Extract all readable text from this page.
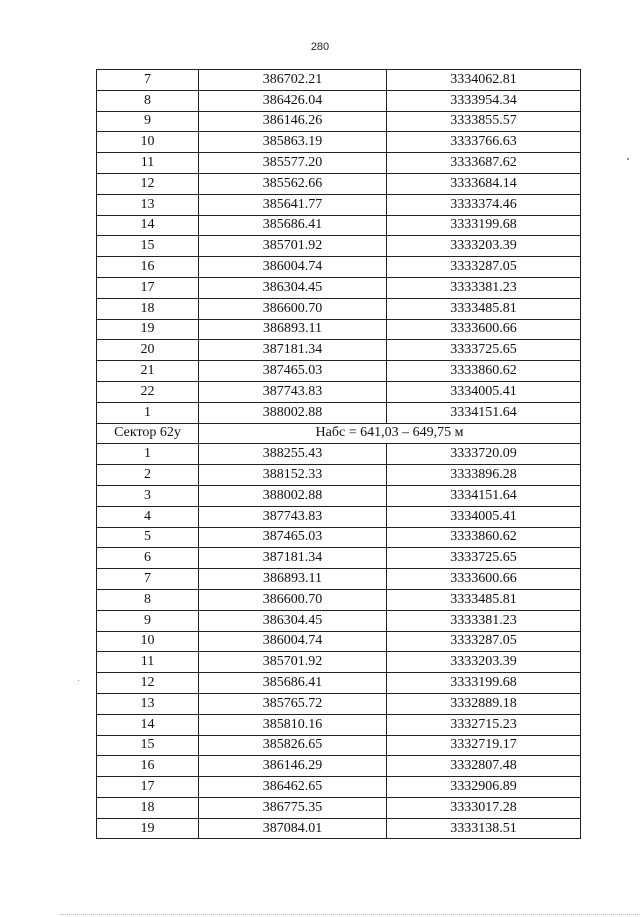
280
7	386702.21	3334062.81
8	386426.04	3333954.34
9	386146.26	3333855.57
10	385863.19	3333766.63
11	385577.20	3333687.62
12	385562.66	3333684.14
13	385641.77	3333374.46
14	385686.41	3333199.68
15	385701.92	3333203.39
16	386004.74	3333287.05
17	386304.45	3333381.23
18	386600.70	3333485.81
19	386893.11	3333600.66
20	387181.34	3333725.65
21	387465.03	3333860.62
22	387743.83	3334005.41
1	388002.88	3334151.64
Сектор 62у	Набс = 641,03 – 649,75 м	
1	388255.43	3333720.09
2	388152.33	3333896.28
3	388002.88	3334151.64
4	387743.83	3334005.41
5	387465.03	3333860.62
6	387181.34	3333725.65
7	386893.11	3333600.66
8	386600.70	3333485.81
9	386304.45	3333381.23
10	386004.74	3333287.05
11	385701.92	3333203.39
12	385686.41	3333199.68
13	385765.72	3332889.18
14	385810.16	3332715.23
15	385826.65	3332719.17
16	386146.29	3332807.48
17	386462.65	3332906.89
18	386775.35	3333017.28
19	387084.01	3333138.51
